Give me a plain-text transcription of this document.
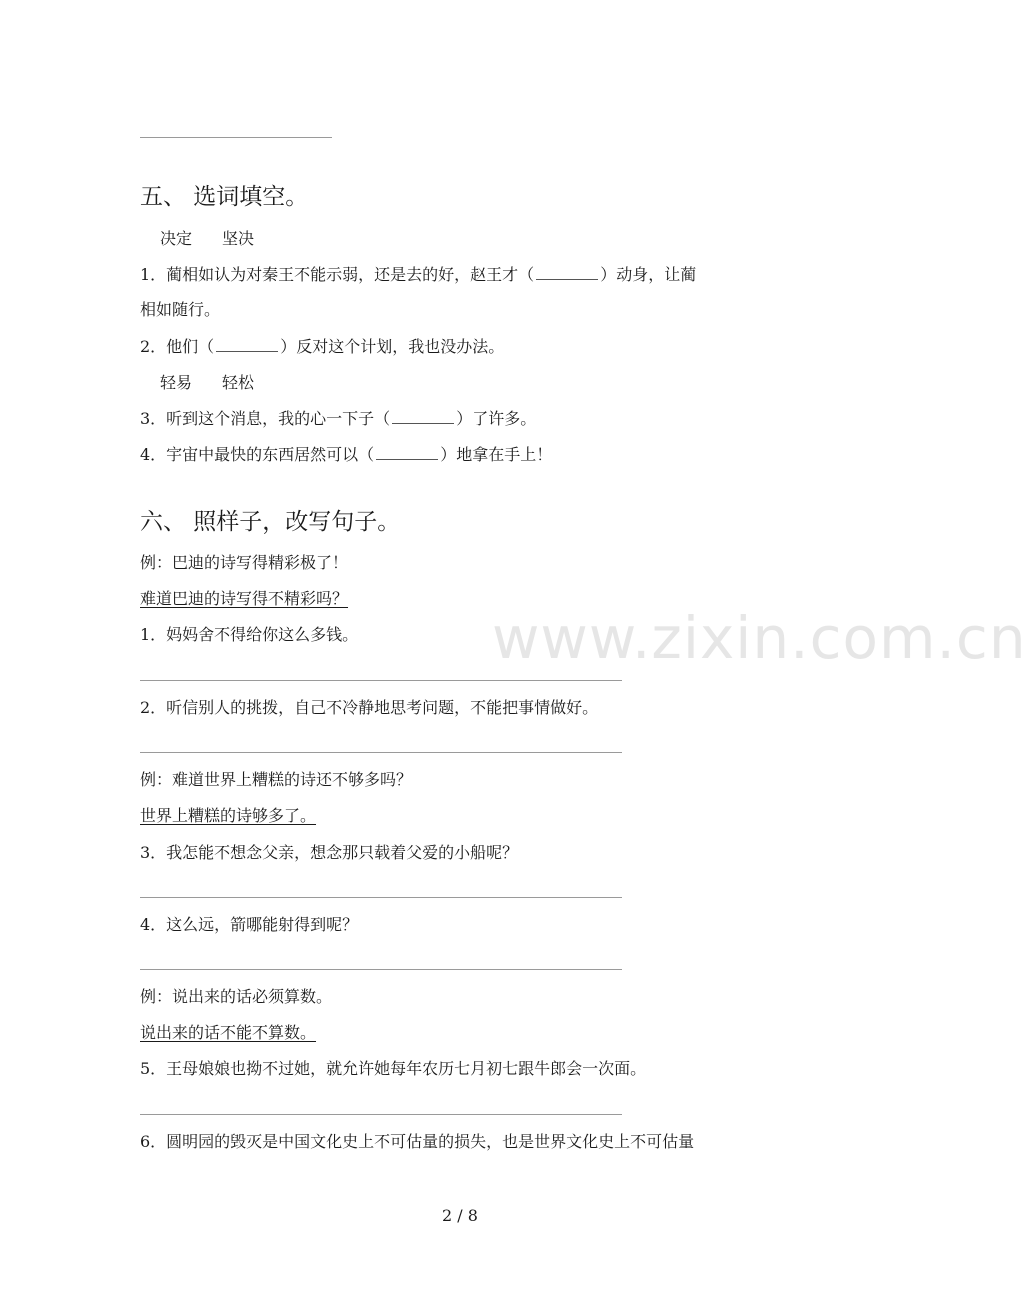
www.zixin.com.cn
五、 选词填空。
决定 坚决
1．蔺相如认为对秦王不能示弱，还是去的好，赵王才（	）动身，让蔺
相如随行。
2．他们（	）反对这个计划，我也没办法。
轻易 轻松
3．听到这个消息，我的心一下子（	）了许多。
4．宇宙中最快的东西居然可以（	）地拿在手上！
六、 照样子，改写句子。
例：巴迪的诗写得精彩极了！
难道巴迪的诗写得不精彩吗？
1．妈妈舍不得给你这么多钱。
2．听信别人的挑拨，自己不冷静地思考问题，不能把事情做好。
例：难道世界上糟糕的诗还不够多吗？
世界上糟糕的诗够多了。
3．我怎能不想念父亲，想念那只载着父爱的小船呢？
4．这么远，箭哪能射得到呢？
例：说出来的话必须算数。
说出来的话不能不算数。
5．王母娘娘也拗不过她，就允许她每年农历七月初七跟牛郎会一次面。
6．圆明园的毁灭是中国文化史上不可估量的损失，也是世界文化史上不可估量
2 / 8
